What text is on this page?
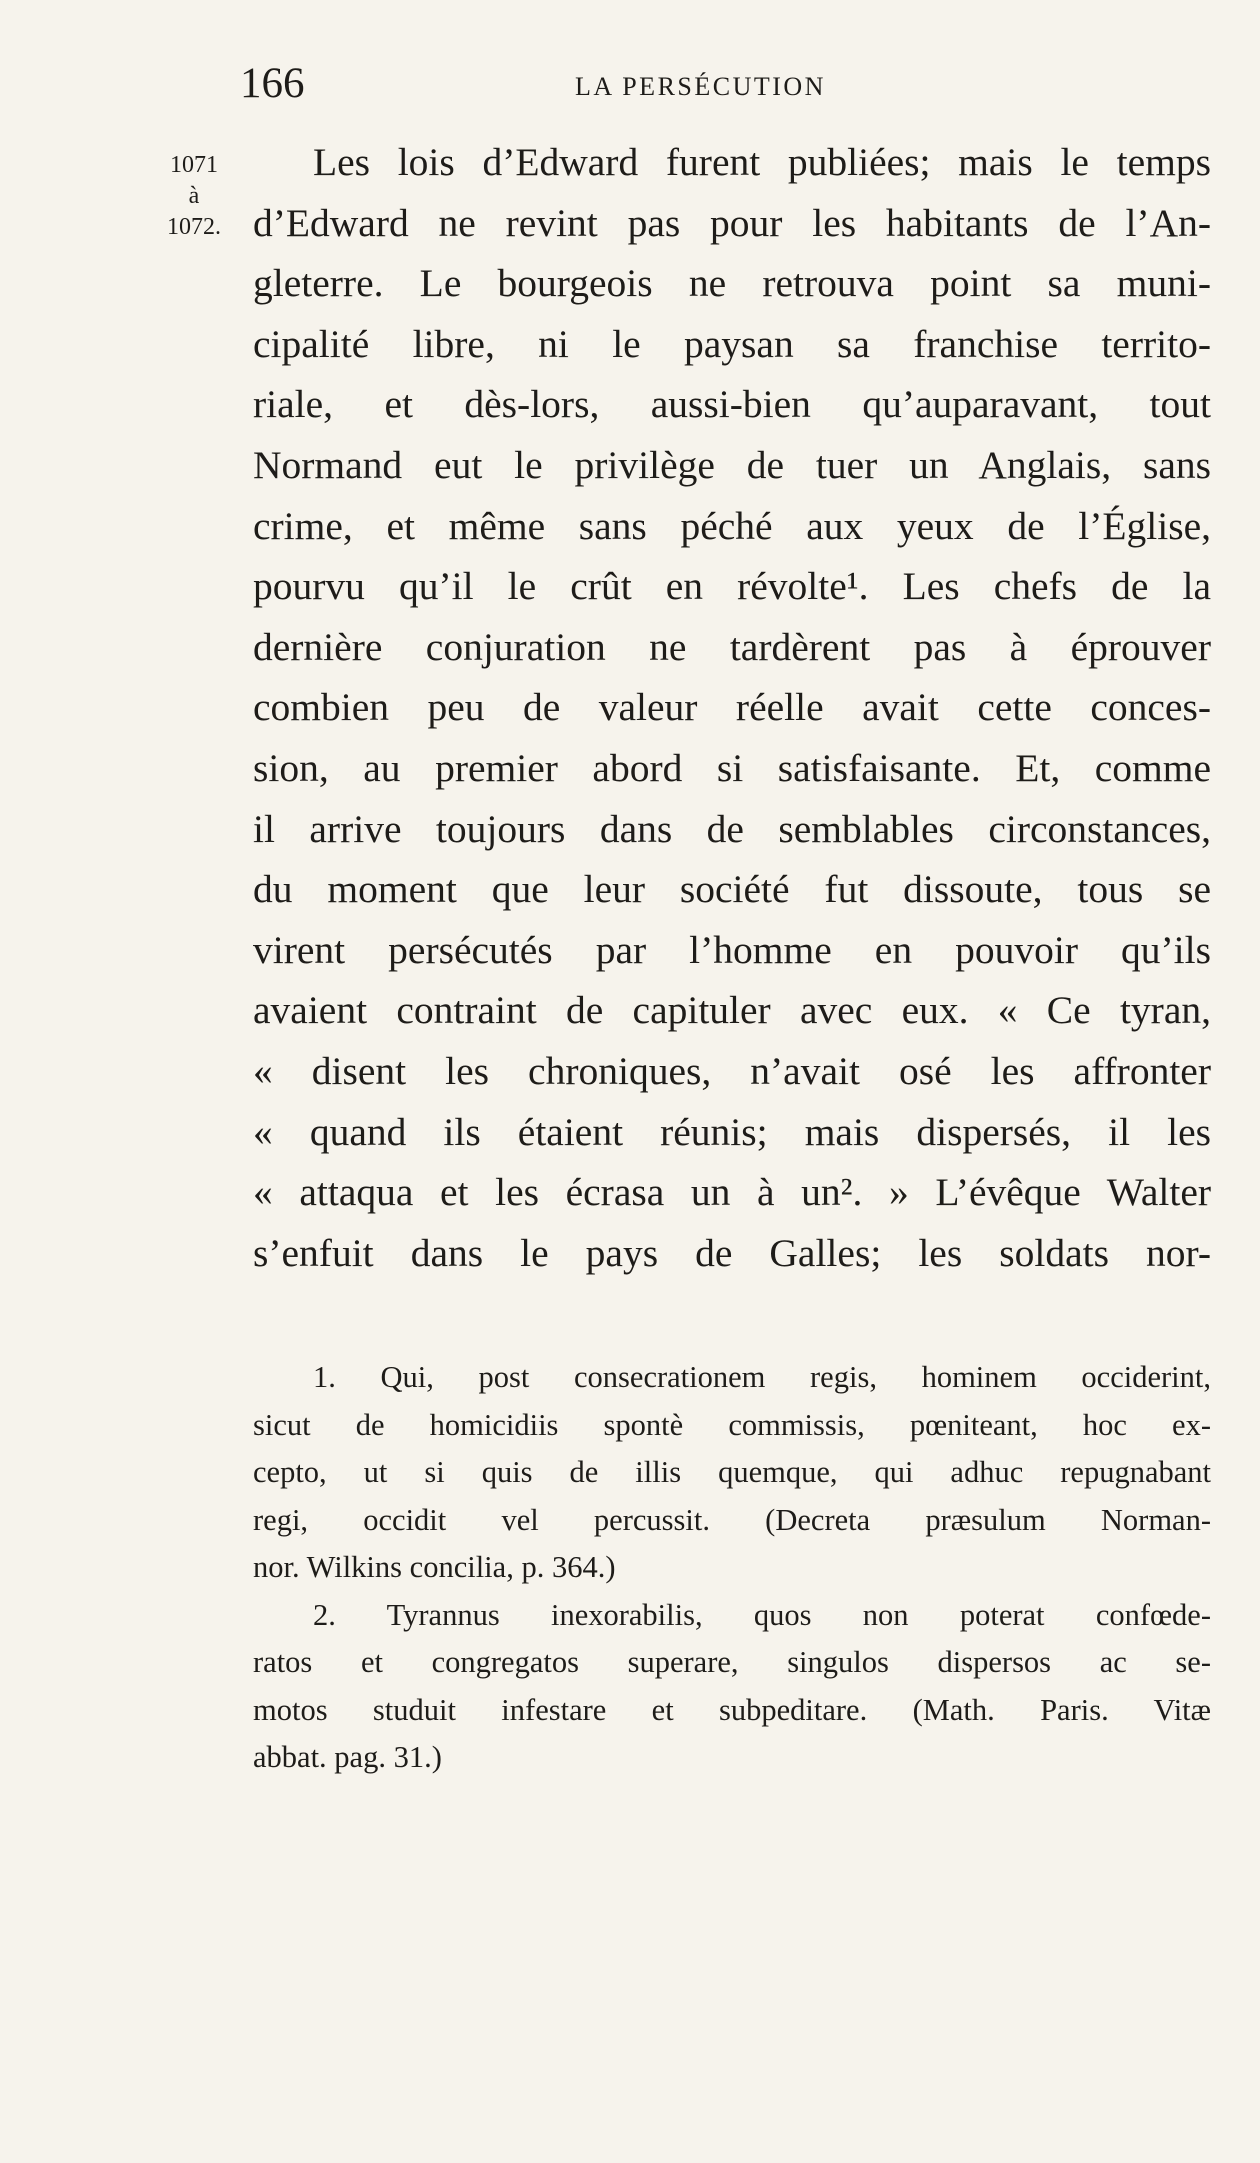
166	LA PERSÉCUTION
1071
à
1072.
Les lois d’Edward furent publiées; mais le temps
d’Edward ne revint pas pour les habitants de l’An-
gleterre. Le bourgeois ne retrouva point sa muni-
cipalité libre, ni le paysan sa franchise territo-
riale, et dès-lors, aussi-bien qu’auparavant, tout
Normand eut le privilège de tuer un Anglais, sans
crime, et même sans péché aux yeux de l’Église,
pourvu qu’il le crût en révolte¹. Les chefs de la
dernière conjuration ne tardèrent pas à éprouver
combien peu de valeur réelle avait cette conces-
sion, au premier abord si satisfaisante. Et, comme
il arrive toujours dans de semblables circonstances,
du moment que leur société fut dissoute, tous se
virent persécutés par l’homme en pouvoir qu’ils
avaient contraint de capituler avec eux. « Ce tyran,
« disent les chroniques, n’avait osé les affronter
« quand ils étaient réunis; mais dispersés, il les
« attaqua et les écrasa un à un². » L’évêque Walter
s’enfuit dans le pays de Galles; les soldats nor-
1. Qui, post consecrationem regis, hominem occiderint,
sicut de homicidiis spontè commissis, pœniteant, hoc ex-
cepto, ut si quis de illis quemque, qui adhuc repugnabant
regi, occidit vel percussit. (Decreta præsulum Norman-
nor. Wilkins concilia, p. 364.)
2. Tyrannus inexorabilis, quos non poterat confœde-
ratos et congregatos superare, singulos dispersos ac se-
motos studuit infestare et subpeditare. (Math. Paris. Vitæ
abbat. pag. 31.)
